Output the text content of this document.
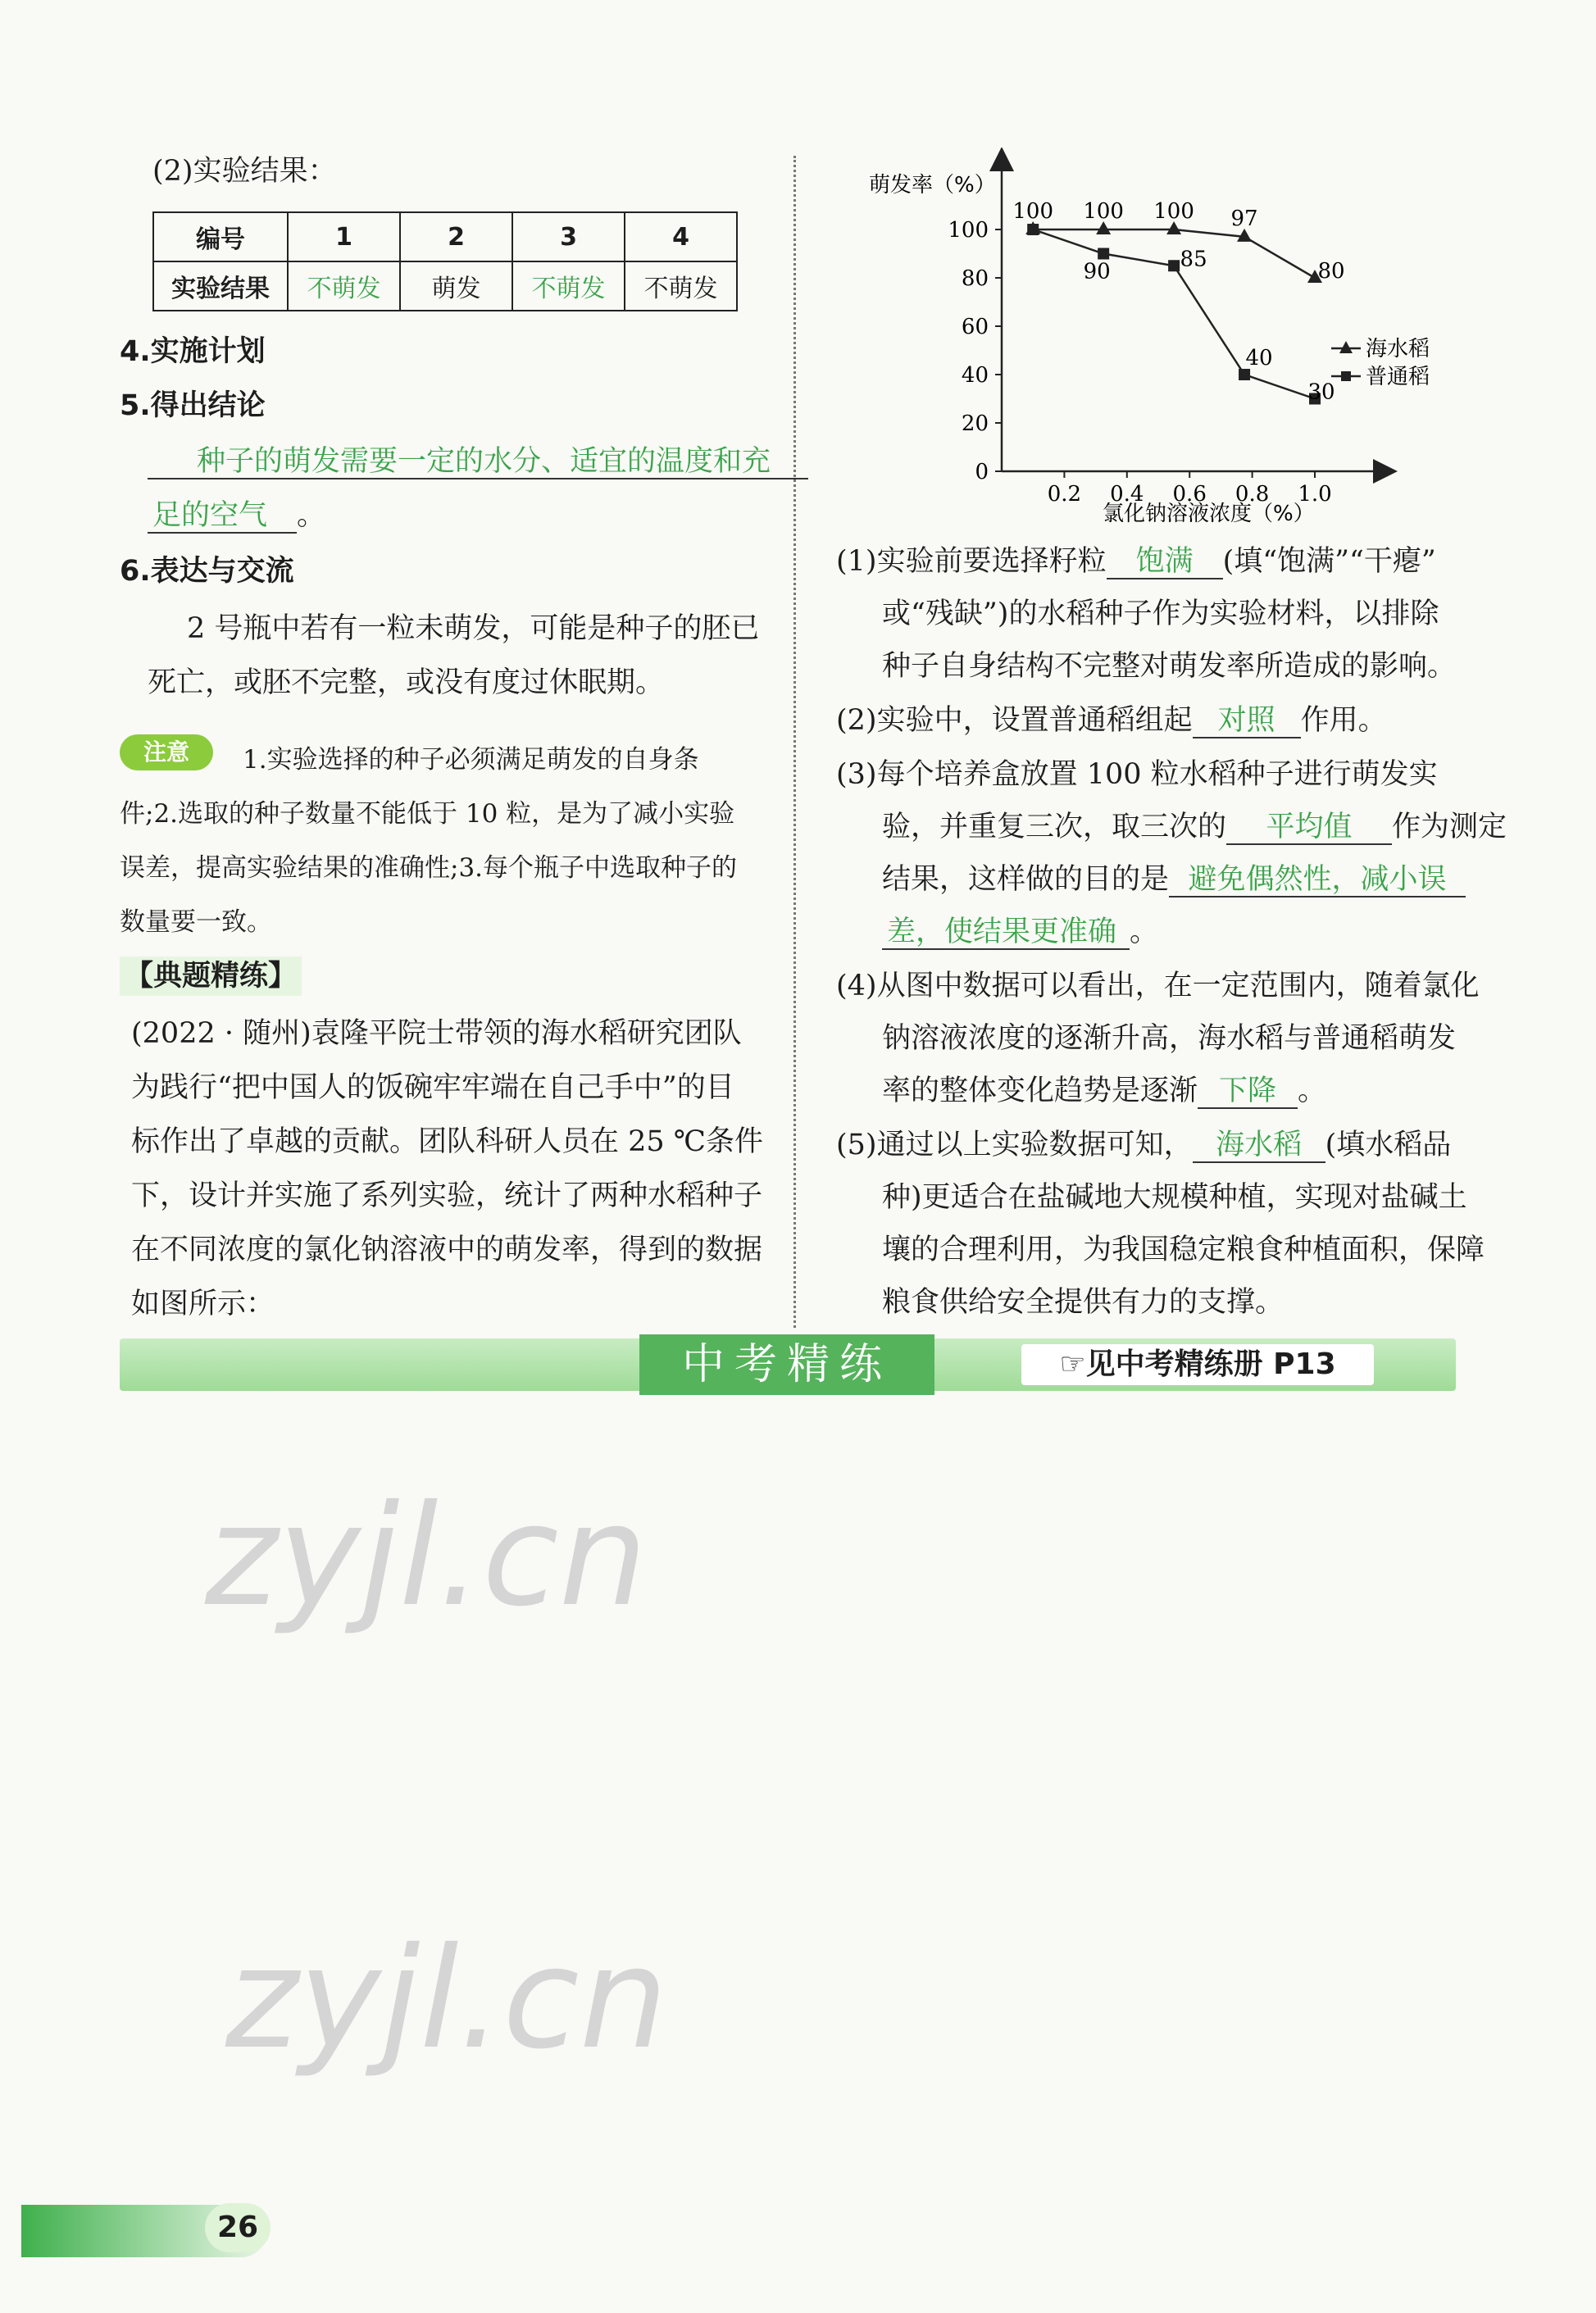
(2)实验结果：
编号	1	2	3	4
实验结果	不萌发	萌发	不萌发	不萌发
4.实施计划
5.得出结论
种子的萌发需要一定的水分、适宜的温度和充
足的空气 。
6.表达与交流
2 号瓶中若有一粒未萌发，可能是种子的胚已
死亡，或胚不完整，或没有度过休眠期。
注意	1.实验选择的种子必须满足萌发的自身条
件;2.选取的种子数量不能低于 10 粒，是为了减小实验
误差，提高实验结果的准确性;3.每个瓶子中选取种子的
数量要一致。
【典题精练】
(2022 · 随州)袁隆平院士带领的海水稻研究团队
为践行“把中国人的饭碗牢牢端在自己手中”的目
标作出了卓越的贡献。团队科研人员在 25 ℃条件
下，设计并实施了系列实验，统计了两种水稻种子
在不同浓度的氯化钠溶液中的萌发率，得到的数据
如图所示：
萌发率（%）
氯化钠溶液浓度（%）
0
20
40
60
80
100
0.2 0.4 0.6 0.8 1.0
100 100 100 97
80
90
85
40
30
海水稻
普通稻
(1)实验前要选择籽粒 饱满 (填“饱满”“干瘪”
或“残缺”)的水稻种子作为实验材料，以排除
种子自身结构不完整对萌发率所造成的影响。
(2)实验中，设置普通稻组起 对照 作用。
(3)每个培养盒放置 100 粒水稻种子进行萌发实
验，并重复三次，取三次的 平均值 作为测定
结果，这样做的目的是 避免偶然性，减小误
差，使结果更准确 。
(4)从图中数据可以看出，在一定范围内，随着氯化
钠溶液浓度的逐渐升高，海水稻与普通稻萌发
率的整体变化趋势是逐渐 下降 。
(5)通过以上实验数据可知， 海水稻 (填水稻品
种)更适合在盐碱地大规模种植，实现对盐碱土
壤的合理利用，为我国稳定粮食种植面积，保障
粮食供给安全提供有力的支撑。
中考精练	☞见中考精练册 P13
zyjl.cn
zyjl.cn
26
